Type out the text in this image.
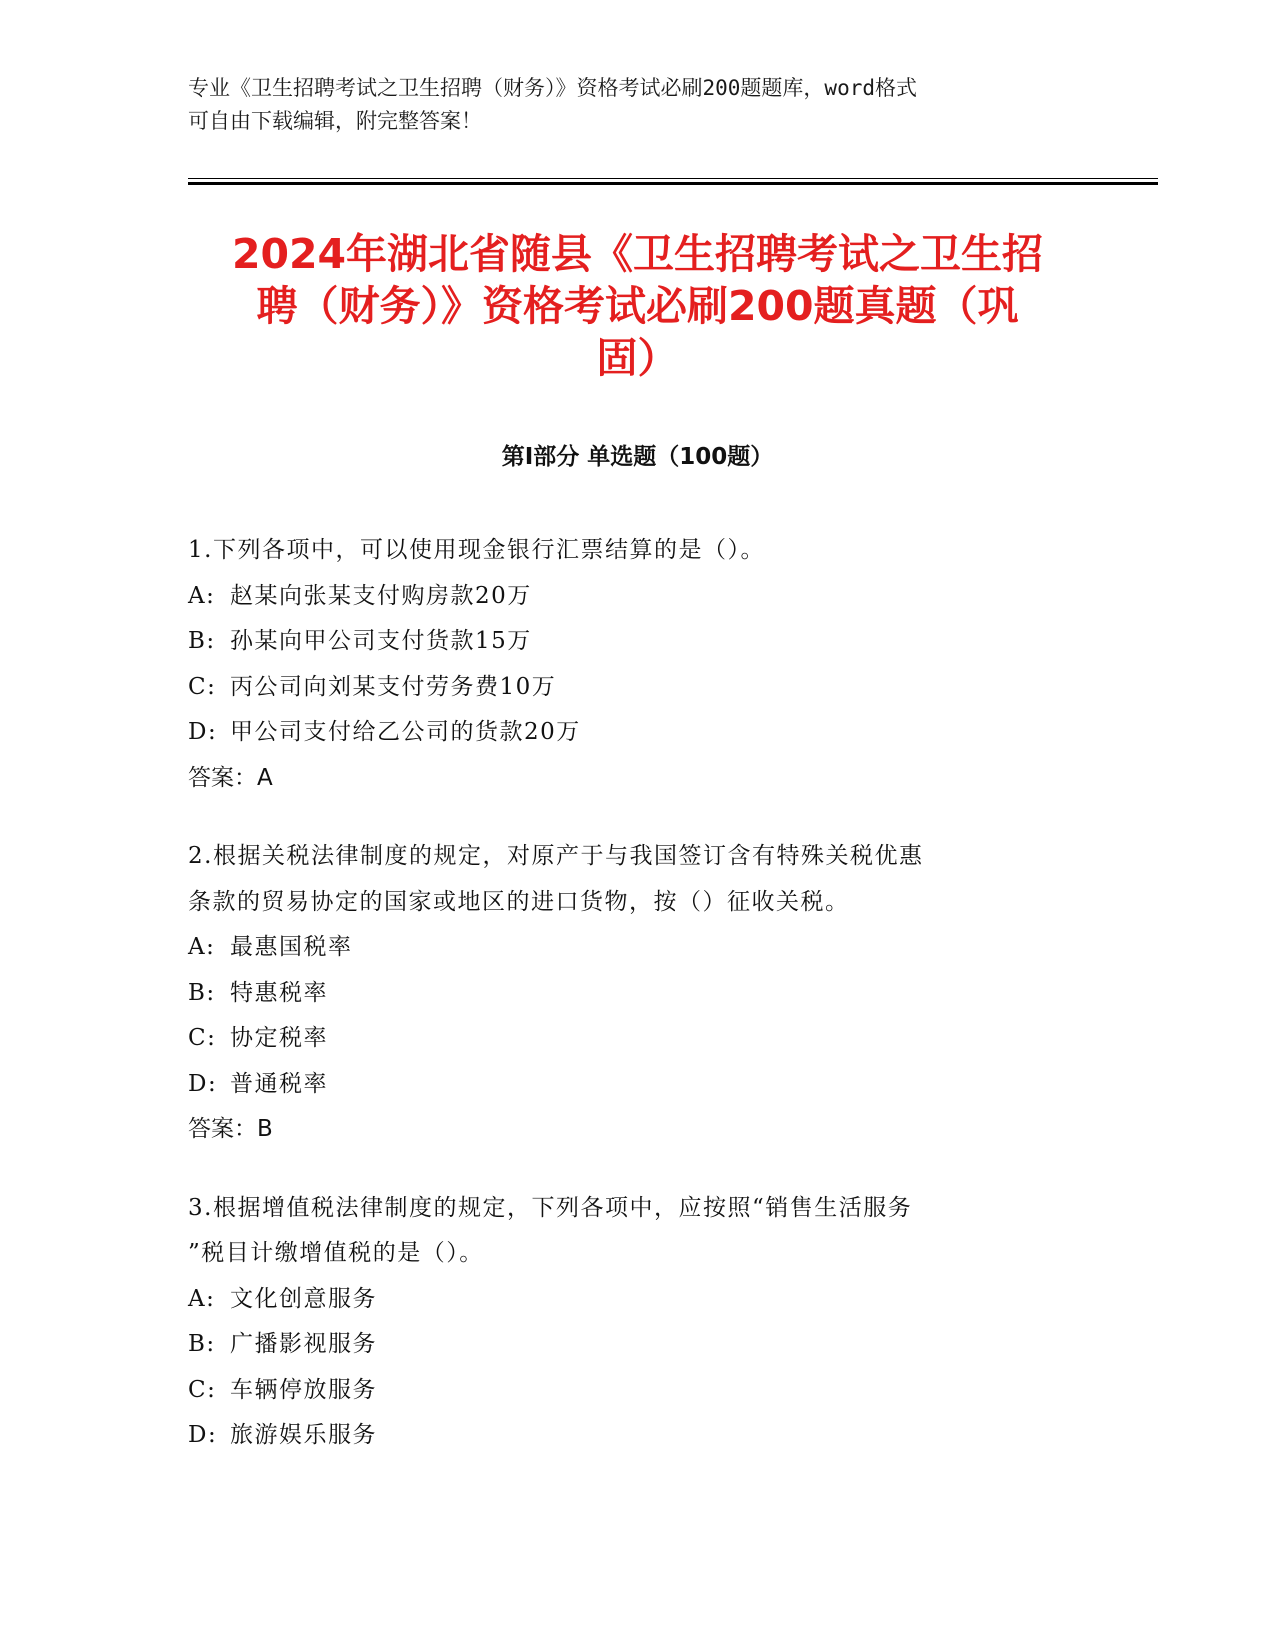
专业《卫生招聘考试之卫生招聘（财务）》资格考试必刷200题题库，word格式

可自由下载编辑，附完整答案！

2024年湖北省随县《卫生招聘考试之卫生招
聘（财务）》资格考试必刷200题真题（巩
固）
第Ⅰ部分 单选题（100题）

1.下列各项中，可以使用现金银行汇票结算的是（）。

A: 赵某向张某支付购房款20万

B: 孙某向甲公司支付货款15万

C: 丙公司向刘某支付劳务费10万

D: 甲公司支付给乙公司的货款20万

答案：A

2.根据关税法律制度的规定，对原产于与我国签订含有特殊关税优惠

条款的贸易协定的国家或地区的进口货物，按（）征收关税。

A: 最惠国税率

B: 特惠税率

C: 协定税率

D: 普通税率

答案：B

3.根据增值税法律制度的规定，下列各项中，应按照“销售生活服务

”税目计缴增值税的是（）。

A: 文化创意服务

B: 广播影视服务

C: 车辆停放服务

D: 旅游娱乐服务
